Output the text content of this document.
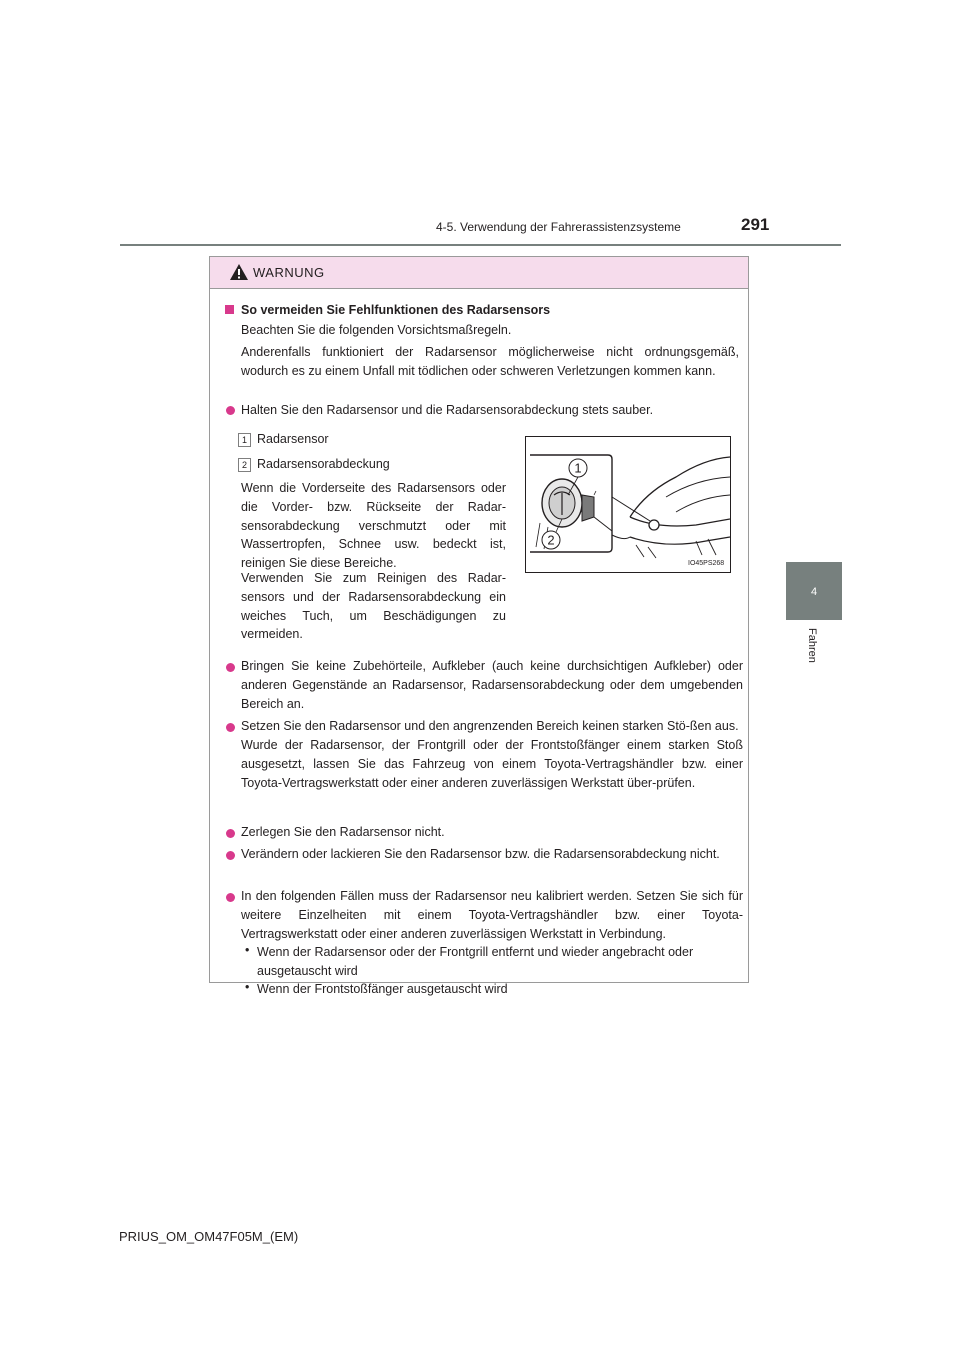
4-5. Verwendung der Fahrerassistenzsysteme	291
4
Fahren
WARNUNG
So vermeiden Sie Fehlfunktionen des Radarsensors
Beachten Sie die folgenden Vorsichtsmaßregeln.
Anderenfalls funktioniert der Radarsensor möglicherweise nicht ordnungsgemäß, wodurch es zu einem Unfall mit tödlichen oder schweren Verletzungen kommen kann.
Halten Sie den Radarsensor und die Radarsensorabdeckung stets sauber.
1 Radarsensor
2 Radarsensorabdeckung
Wenn die Vorderseite des Radarsensors oder die Vorder- bzw. Rückseite der Radar-sensorabdeckung verschmutzt oder mit Wassertropfen, Schnee usw. bedeckt ist, reinigen Sie diese Bereiche.
Verwenden Sie zum Reinigen des Radar-sensors und der Radarsensorabdeckung ein weiches Tuch, um Beschädigungen zu vermeiden.
1
2
IO45PS268
Bringen Sie keine Zubehörteile, Aufkleber (auch keine durchsichtigen Aufkleber) oder anderen Gegenstände an Radarsensor, Radarsensorabdeckung oder dem umgebenden Bereich an.
Setzen Sie den Radarsensor und den angrenzenden Bereich keinen starken Stö-ßen aus.
Wurde der Radarsensor, der Frontgrill oder der Frontstoßfänger einem starken Stoß ausgesetzt, lassen Sie das Fahrzeug von einem Toyota-Vertragshändler bzw. einer Toyota-Vertragswerkstatt oder einer anderen zuverlässigen Werkstatt über-prüfen.
Zerlegen Sie den Radarsensor nicht.
Verändern oder lackieren Sie den Radarsensor bzw. die Radarsensorabdeckung nicht.
In den folgenden Fällen muss der Radarsensor neu kalibriert werden. Setzen Sie sich für weitere Einzelheiten mit einem Toyota-Vertragshändler bzw. einer Toyota-Vertragswerkstatt oder einer anderen zuverlässigen Werkstatt in Verbindung.
• Wenn der Radarsensor oder der Frontgrill entfernt und wieder angebracht oder ausgetauscht wird
• Wenn der Frontstoßfänger ausgetauscht wird
PRIUS_OM_OM47F05M_(EM)
